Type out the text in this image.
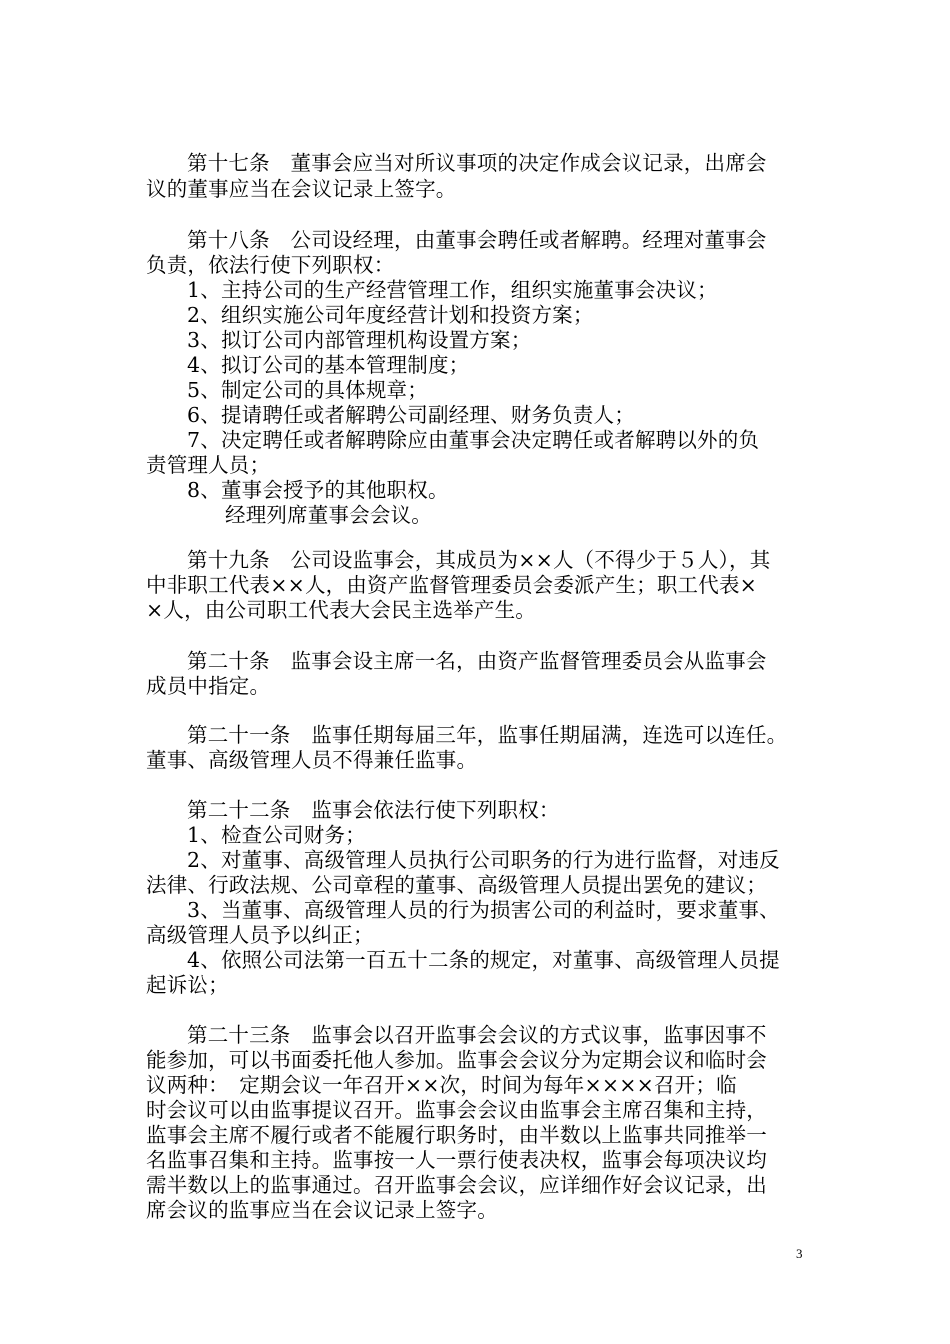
第十七条　董事会应当对所议事项的决定作成会议记录，出席会
议的董事应当在会议记录上签字。
第十八条　公司设经理，由董事会聘任或者解聘。经理对董事会
负责，依法行使下列职权：
1、主持公司的生产经营管理工作，组织实施董事会决议；
2、组织实施公司年度经营计划和投资方案；
3、拟订公司内部管理机构设置方案；
4、拟订公司的基本管理制度；
5、制定公司的具体规章；
6、提请聘任或者解聘公司副经理、财务负责人；
7、决定聘任或者解聘除应由董事会决定聘任或者解聘以外的负
责管理人员；
8、董事会授予的其他职权。
经理列席董事会会议。
第十九条　公司设监事会，其成员为××人（不得少于５人），其
中非职工代表××人，由资产监督管理委员会委派产生；职工代表×
×人，由公司职工代表大会民主选举产生。
第二十条　监事会设主席一名，由资产监督管理委员会从监事会
成员中指定。
第二十一条　监事任期每届三年，监事任期届满，连选可以连任。
董事、高级管理人员不得兼任监事。
第二十二条　监事会依法行使下列职权：
1、检查公司财务；
2、对董事、高级管理人员执行公司职务的行为进行监督，对违反
法律、行政法规、公司章程的董事、高级管理人员提出罢免的建议；
3、当董事、高级管理人员的行为损害公司的利益时，要求董事、
高级管理人员予以纠正；
4、依照公司法第一百五十二条的规定，对董事、高级管理人员提
起诉讼；
第二十三条　监事会以召开监事会会议的方式议事，监事因事不
能参加，可以书面委托他人参加。监事会会议分为定期会议和临时会
议两种：　定期会议一年召开××次，时间为每年××××召开；临
时会议可以由监事提议召开。监事会会议由监事会主席召集和主持，
监事会主席不履行或者不能履行职务时，由半数以上监事共同推举一
名监事召集和主持。监事按一人一票行使表决权，监事会每项决议均
需半数以上的监事通过。召开监事会会议，应详细作好会议记录，出
席会议的监事应当在会议记录上签字。
3
